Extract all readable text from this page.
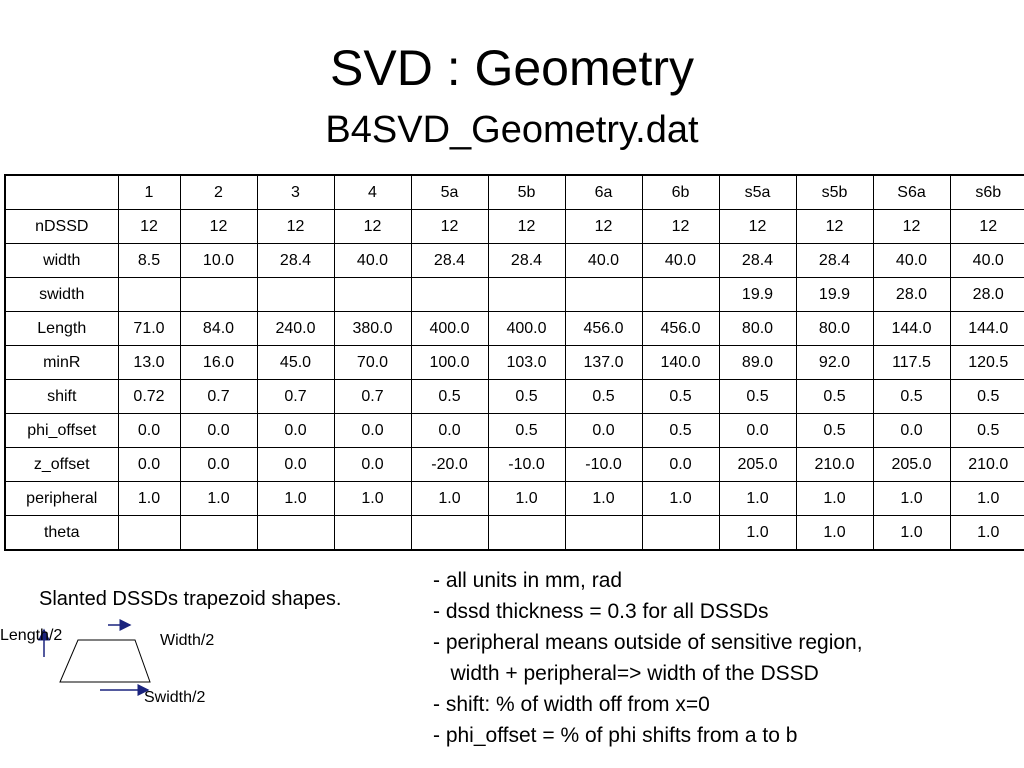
SVD : Geometry
B4SVD_Geometry.dat
	1	2	3	4	5a	5b	6a	6b	s5a	s5b	S6a	s6b
nDSSD	12	12	12	12	12	12	12	12	12	12	12	12
width	8.5	10.0	28.4	40.0	28.4	28.4	40.0	40.0	28.4	28.4	40.0	40.0
swidth									19.9	19.9	28.0	28.0
Length	71.0	84.0	240.0	380.0	400.0	400.0	456.0	456.0	80.0	80.0	144.0	144.0
minR	13.0	16.0	45.0	70.0	100.0	103.0	137.0	140.0	89.0	92.0	117.5	120.5
shift	0.72	0.7	0.7	0.7	0.5	0.5	0.5	0.5	0.5	0.5	0.5	0.5
phi_offset	0.0	0.0	0.0	0.0	0.0	0.5	0.0	0.5	0.0	0.5	0.0	0.5
z_offset	0.0	0.0	0.0	0.0	-20.0	-10.0	-10.0	0.0	205.0	210.0	205.0	210.0
peripheral	1.0	1.0	1.0	1.0	1.0	1.0	1.0	1.0	1.0	1.0	1.0	1.0
theta									1.0	1.0	1.0	1.0
Slanted DSSDs trapezoid shapes.
Length/2	Width/2
Swidth/2
- all units in mm, rad
- dssd thickness = 0.3 for all DSSDs
- peripheral means outside of sensitive region,
width + peripheral=> width of the DSSD
- shift: % of width off from x=0
- phi_offset = % of phi shifts from a to b
